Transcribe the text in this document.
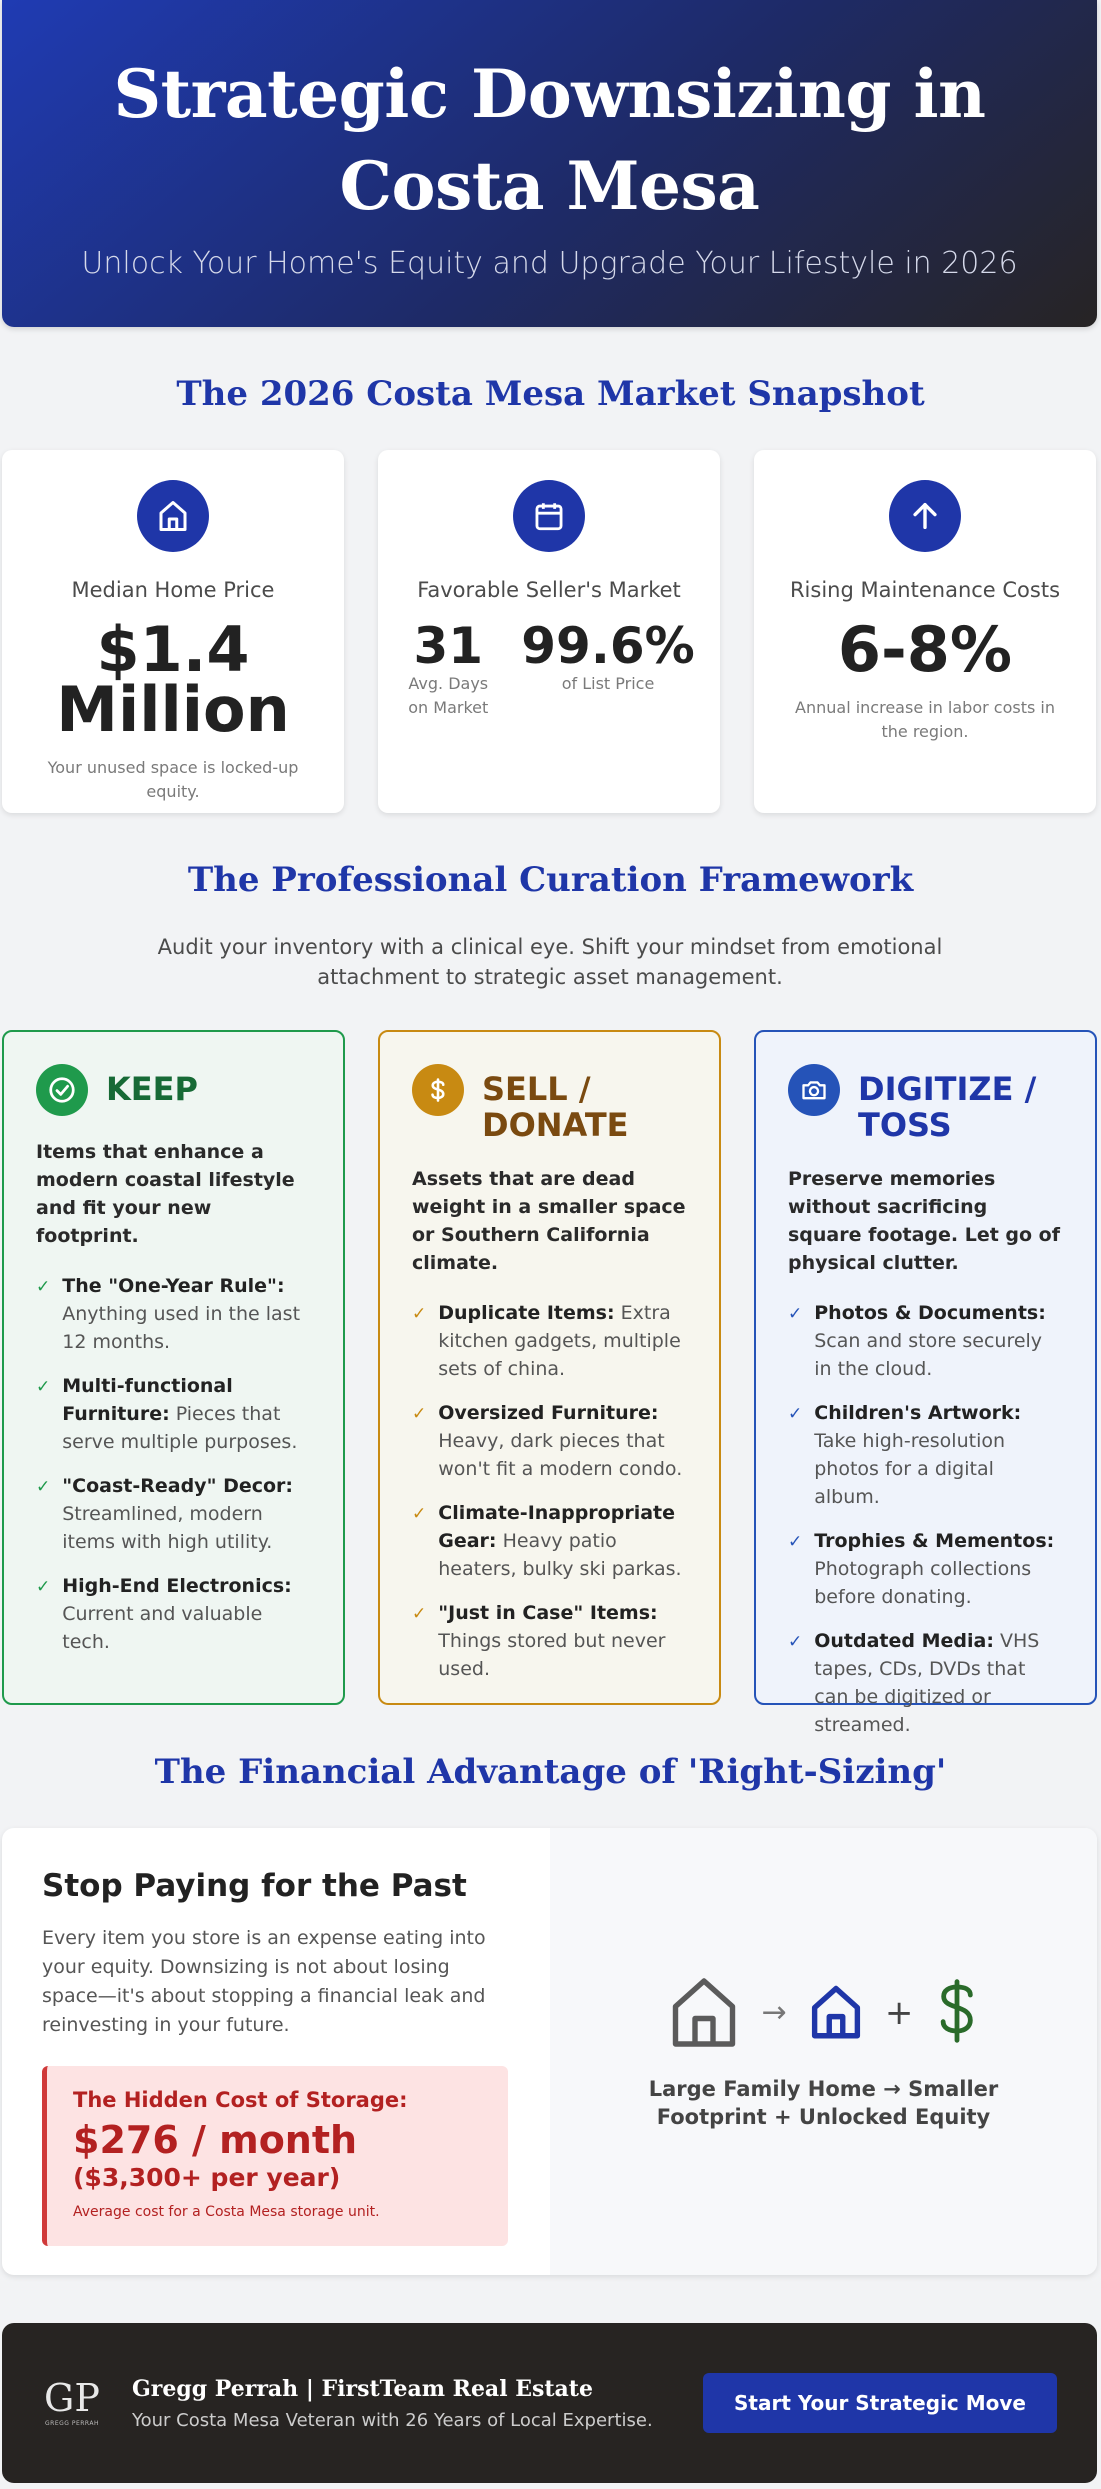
Strategic Downsizing in Costa Mesa
Unlock Your Home's Equity and Upgrade Your Lifestyle in 2026
The 2026 Costa Mesa Market Snapshot
Median Home Price
$1.4 Million
Your unused space is locked-up equity.
Favorable Seller's Market
31
Avg. Days on Market
99.6%
of List Price
Rising Maintenance Costs
6-8%
Annual increase in labor costs in the region.
The Professional Curation Framework

Audit your inventory with a clinical eye. Shift your mindset from emotional attachment to strategic asset management.

KEEP
Items that enhance a modern coastal lifestyle and fit your new footprint.
✓ The "One-Year Rule": Anything used in the last 12 months.
✓ Multi-functional Furniture: Pieces that serve multiple purposes.
✓ "Coast-Ready" Decor: Streamlined, modern items with high utility.
✓ High-End Electronics: Current and valuable tech.
SELL / DONATE
Assets that are dead weight in a smaller space or Southern California climate.
✓ Duplicate Items: Extra kitchen gadgets, multiple sets of china.
✓ Oversized Furniture: Heavy, dark pieces that won't fit a modern condo.
✓ Climate-Inappropriate Gear: Heavy patio heaters, bulky ski parkas.
✓ "Just in Case" Items: Things stored but never used.
DIGITIZE / TOSS
Preserve memories without sacrificing square footage. Let go of physical clutter.
✓ Photos & Documents: Scan and store securely in the cloud.
✓ Children's Artwork: Take high-resolution photos for a digital album.
✓ Trophies & Mementos: Photograph collections before donating.
✓ Outdated Media: VHS tapes, CDs, DVDs that can be digitized or streamed.
The Financial Advantage of 'Right-Sizing'
Stop Paying for the Past

Every item you store is an expense eating into your equity. Downsizing is not about losing space—it's about stopping a financial leak and reinvesting in your future.

The Hidden Cost of Storage:
$276 / month
($3,300+ per year)
Average cost for a Costa Mesa storage unit.
→	+
Large Family Home → Smaller Footprint + Unlocked Equity
GP
GREGG PERRAH
Gregg Perrah | FirstTeam Real Estate
Your Costa Mesa Veteran with 26 Years of Local Expertise.
Start Your Strategic Move
